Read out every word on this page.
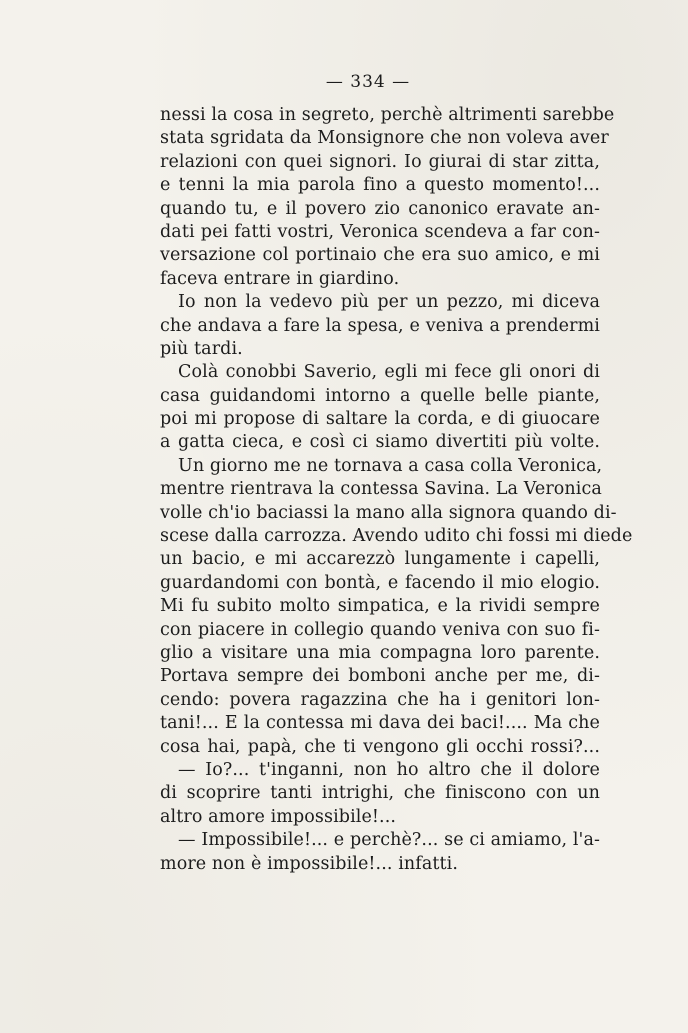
— 334 —
nessi la cosa in segreto, perchè altrimenti sarebbe
stata sgridata da Monsignore che non voleva aver
relazioni con quei signori. Io giurai di star zitta,
e tenni la mia parola fino a questo momento!...
quando tu, e il povero zio canonico eravate an-
dati pei fatti vostri, Veronica scendeva a far con-
versazione col portinaio che era suo amico, e mi
faceva entrare in giardino.
Io non la vedevo più per un pezzo, mi diceva
che andava a fare la spesa, e veniva a prendermi
più tardi.
Colà conobbi Saverio, egli mi fece gli onori di
casa guidandomi intorno a quelle belle piante,
poi mi propose di saltare la corda, e di giuocare
a gatta cieca, e così ci siamo divertiti più volte.
Un giorno me ne tornava a casa colla Veronica,
mentre rientrava la contessa Savina. La Veronica
volle ch'io baciassi la mano alla signora quando di-
scese dalla carrozza. Avendo udito chi fossi mi diede
un bacio, e mi accarezzò lungamente i capelli,
guardandomi con bontà, e facendo il mio elogio.
Mi fu subito molto simpatica, e la rividi sempre
con piacere in collegio quando veniva con suo fi-
glio a visitare una mia compagna loro parente.
Portava sempre dei bomboni anche per me, di-
cendo: povera ragazzina che ha i genitori lon-
tani!... E la contessa mi dava dei baci!.... Ma che
cosa hai, papà, che ti vengono gli occhi rossi?...
— Io?... t'inganni, non ho altro che il dolore
di scoprire tanti intrighi, che finiscono con un
altro amore impossibile!...
— Impossibile!... e perchè?... se ci amiamo, l'a-
more non è impossibile!... infatti.
